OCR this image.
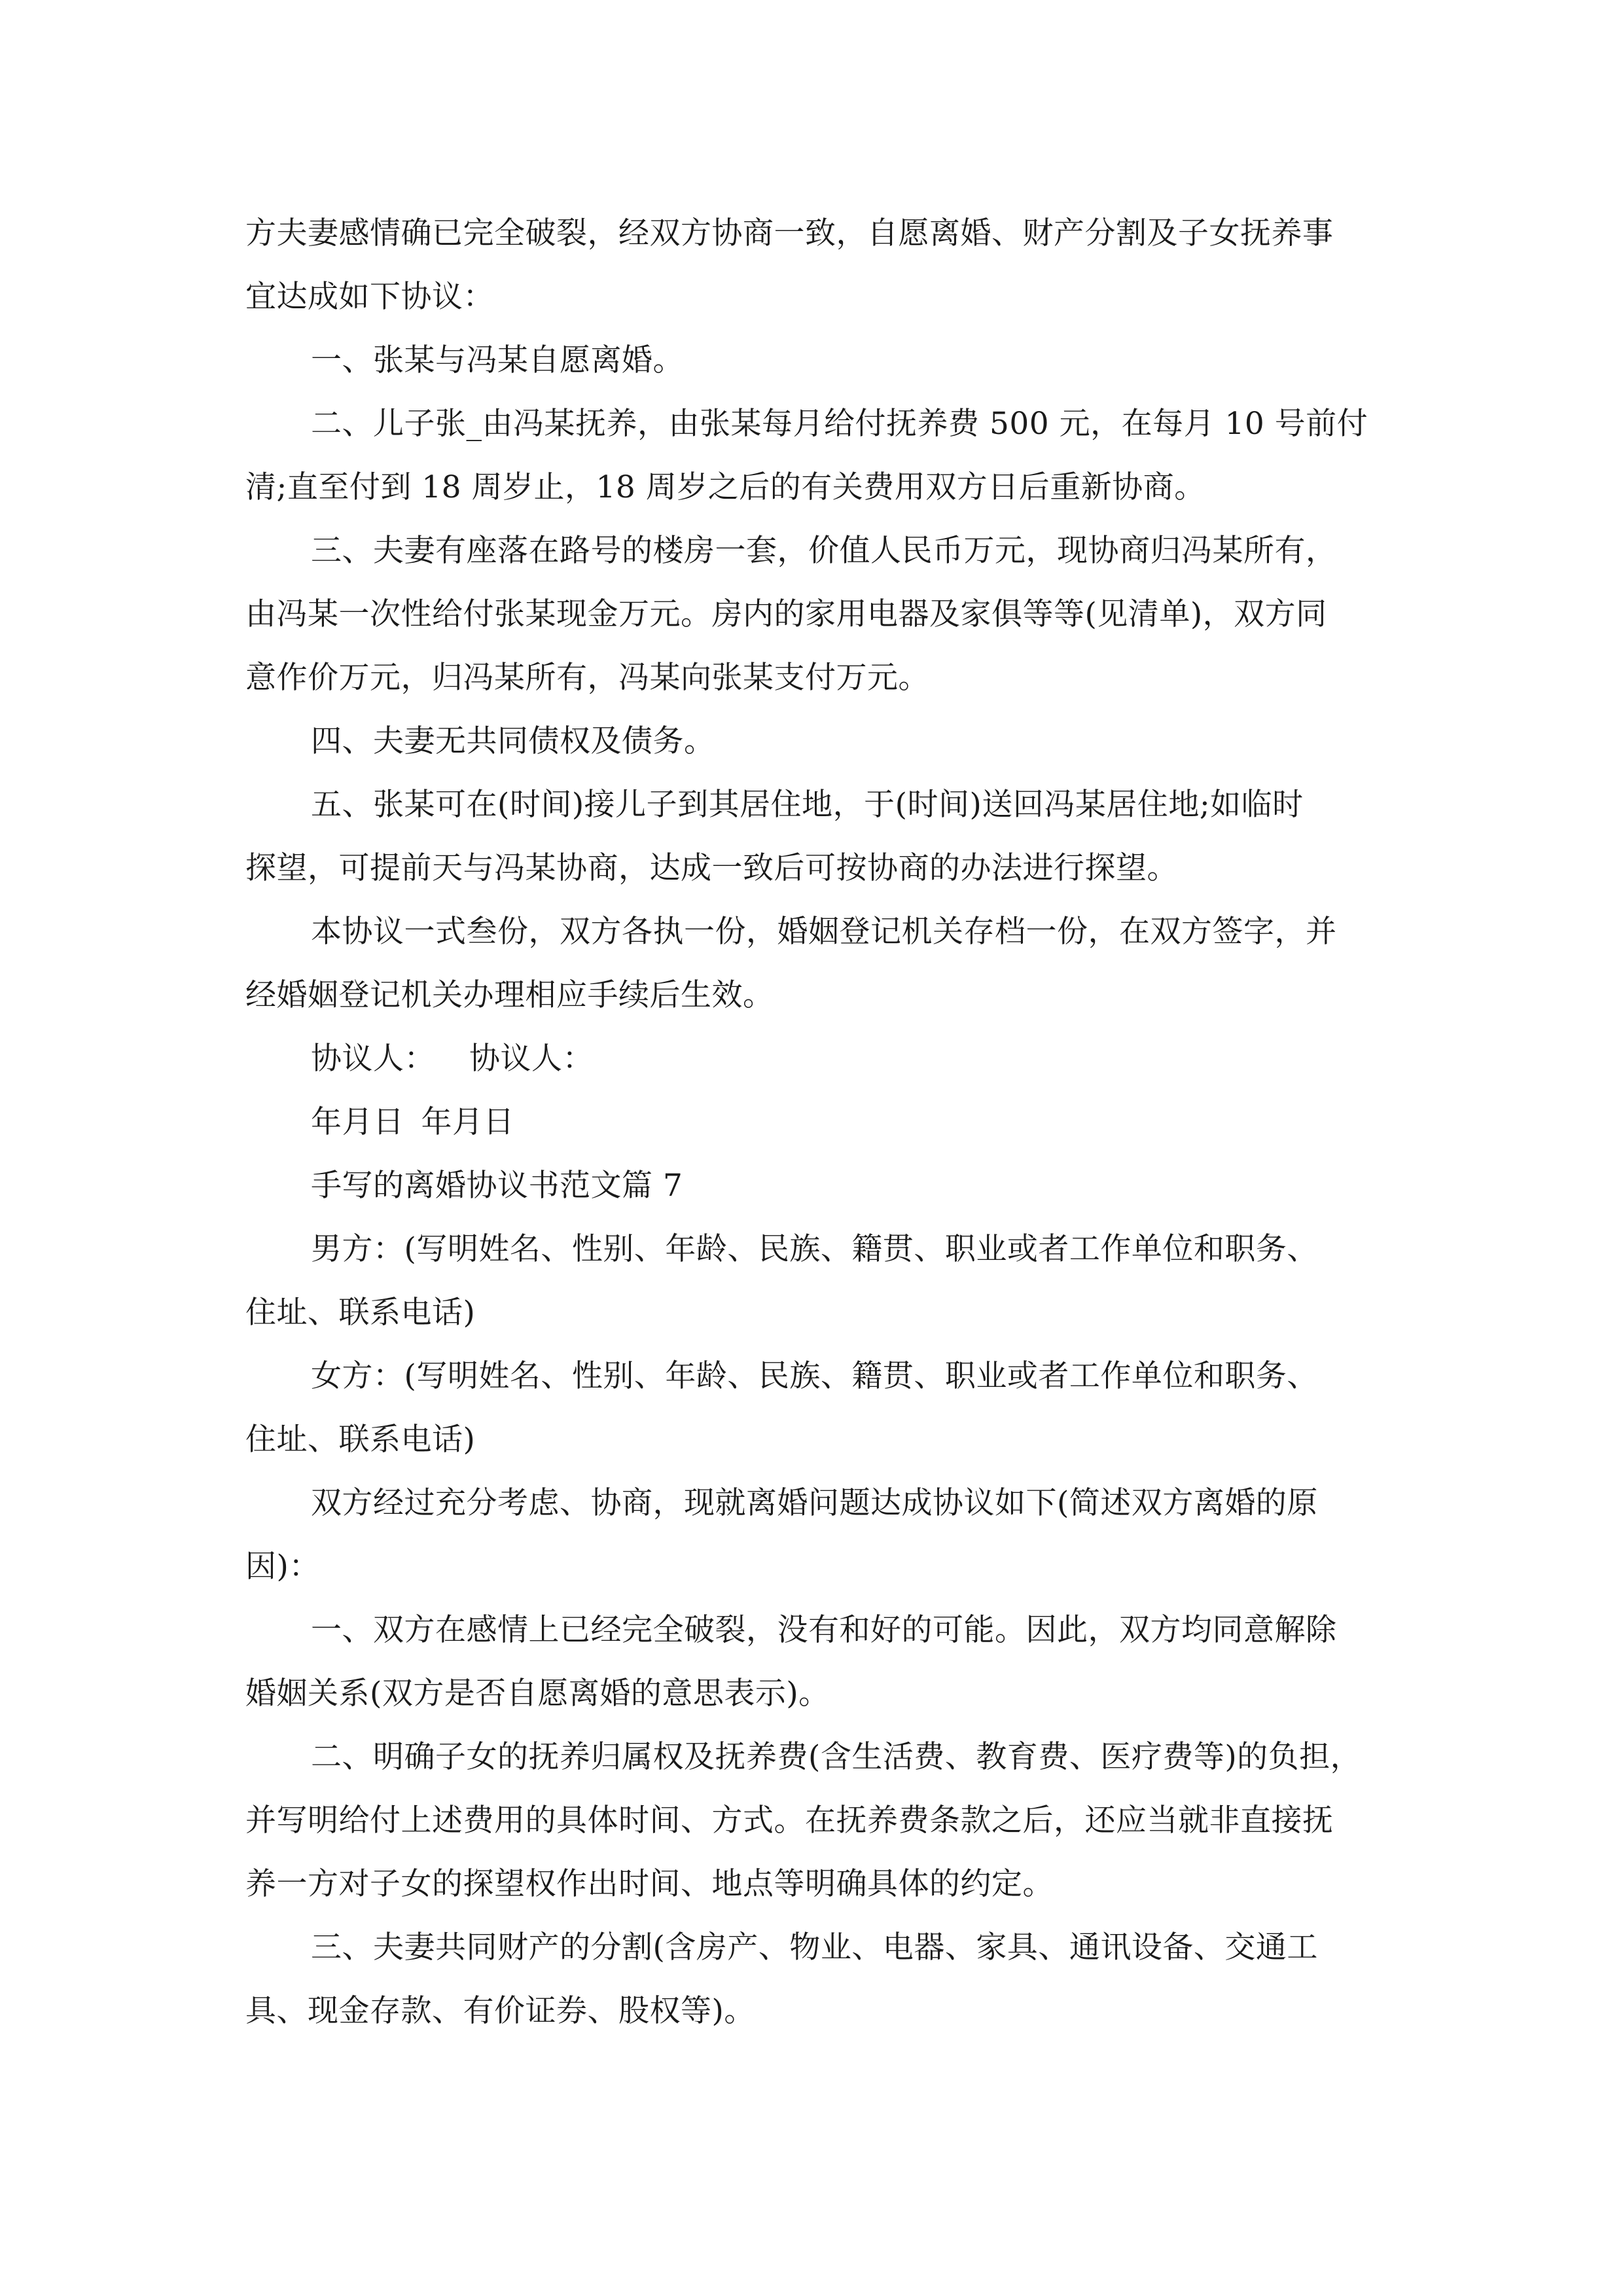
方夫妻感情确已完全破裂，经双方协商一致，自愿离婚、财产分割及子女抚养事
宜达成如下协议：
一、张某与冯某自愿离婚。
二、儿子张_由冯某抚养，由张某每月给付抚养费 500 元，在每月 10 号前付
清;直至付到 18 周岁止，18 周岁之后的有关费用双方日后重新协商。
三、夫妻有座落在路号的楼房一套，价值人民币万元，现协商归冯某所有，
由冯某一次性给付张某现金万元。房内的家用电器及家俱等等(见清单)，双方同
意作价万元，归冯某所有，冯某向张某支付万元。
四、夫妻无共同债权及债务。
五、张某可在(时间)接儿子到其居住地，于(时间)送回冯某居住地;如临时
探望，可提前天与冯某协商，达成一致后可按协商的办法进行探望。
本协议一式叁份，双方各执一份，婚姻登记机关存档一份，在双方签字，并
经婚姻登记机关办理相应手续后生效。
协议人： 协议人：
年月日 年月日
手写的离婚协议书范文篇 7
男方：(写明姓名、性别、年龄、民族、籍贯、职业或者工作单位和职务、
住址、联系电话)
女方：(写明姓名、性别、年龄、民族、籍贯、职业或者工作单位和职务、
住址、联系电话)
双方经过充分考虑、协商，现就离婚问题达成协议如下(简述双方离婚的原
因)：
一、双方在感情上已经完全破裂，没有和好的可能。因此，双方均同意解除
婚姻关系(双方是否自愿离婚的意思表示)。
二、明确子女的抚养归属权及抚养费(含生活费、教育费、医疗费等)的负担，
并写明给付上述费用的具体时间、方式。在抚养费条款之后，还应当就非直接抚
养一方对子女的探望权作出时间、地点等明确具体的约定。
三、夫妻共同财产的分割(含房产、物业、电器、家具、通讯设备、交通工
具、现金存款、有价证券、股权等)。
